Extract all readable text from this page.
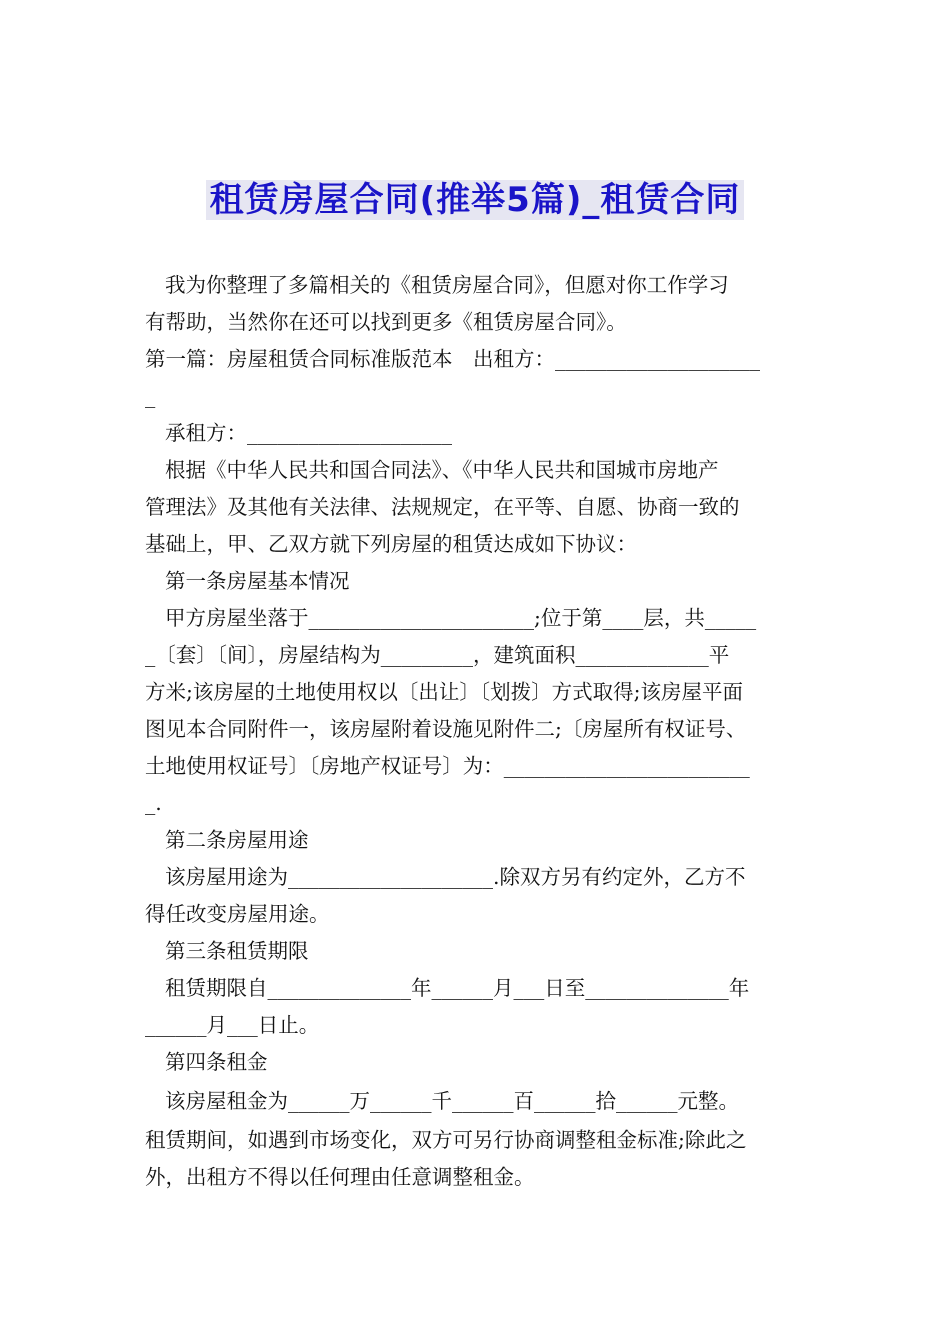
租赁房屋合同(推举5篇)_租赁合同
我为你整理了多篇相关的《租赁房屋合同》，但愿对你工作学习
有帮助，当然你在还可以找到更多《租赁房屋合同》。
第一篇：房屋租赁合同标准版范本　出租方：____________________
_
承租方：____________________
根据《中华人民共和国合同法》、《中华人民共和国城市房地产
管理法》及其他有关法律、法规规定，在平等、自愿、协商一致的
基础上，甲、乙双方就下列房屋的租赁达成如下协议：
第一条房屋基本情况
甲方房屋坐落于______________________;位于第____层，共_____
_〔套〕〔间〕，房屋结构为_________，建筑面积_____________平
方米;该房屋的土地使用权以〔出让〕〔划拨〕方式取得;该房屋平面
图见本合同附件一，该房屋附着设施见附件二;〔房屋所有权证号、
土地使用权证号〕〔房地产权证号〕为：________________________
_.
第二条房屋用途
该房屋用途为____________________.除双方另有约定外，乙方不
得任改变房屋用途。
第三条租赁期限
租赁期限自______________年______月___日至______________年
______月___日止。
第四条租金
该房屋租金为______万______千______百______拾______元整。
租赁期间，如遇到市场变化，双方可另行协商调整租金标准;除此之
外，出租方不得以任何理由任意调整租金。
